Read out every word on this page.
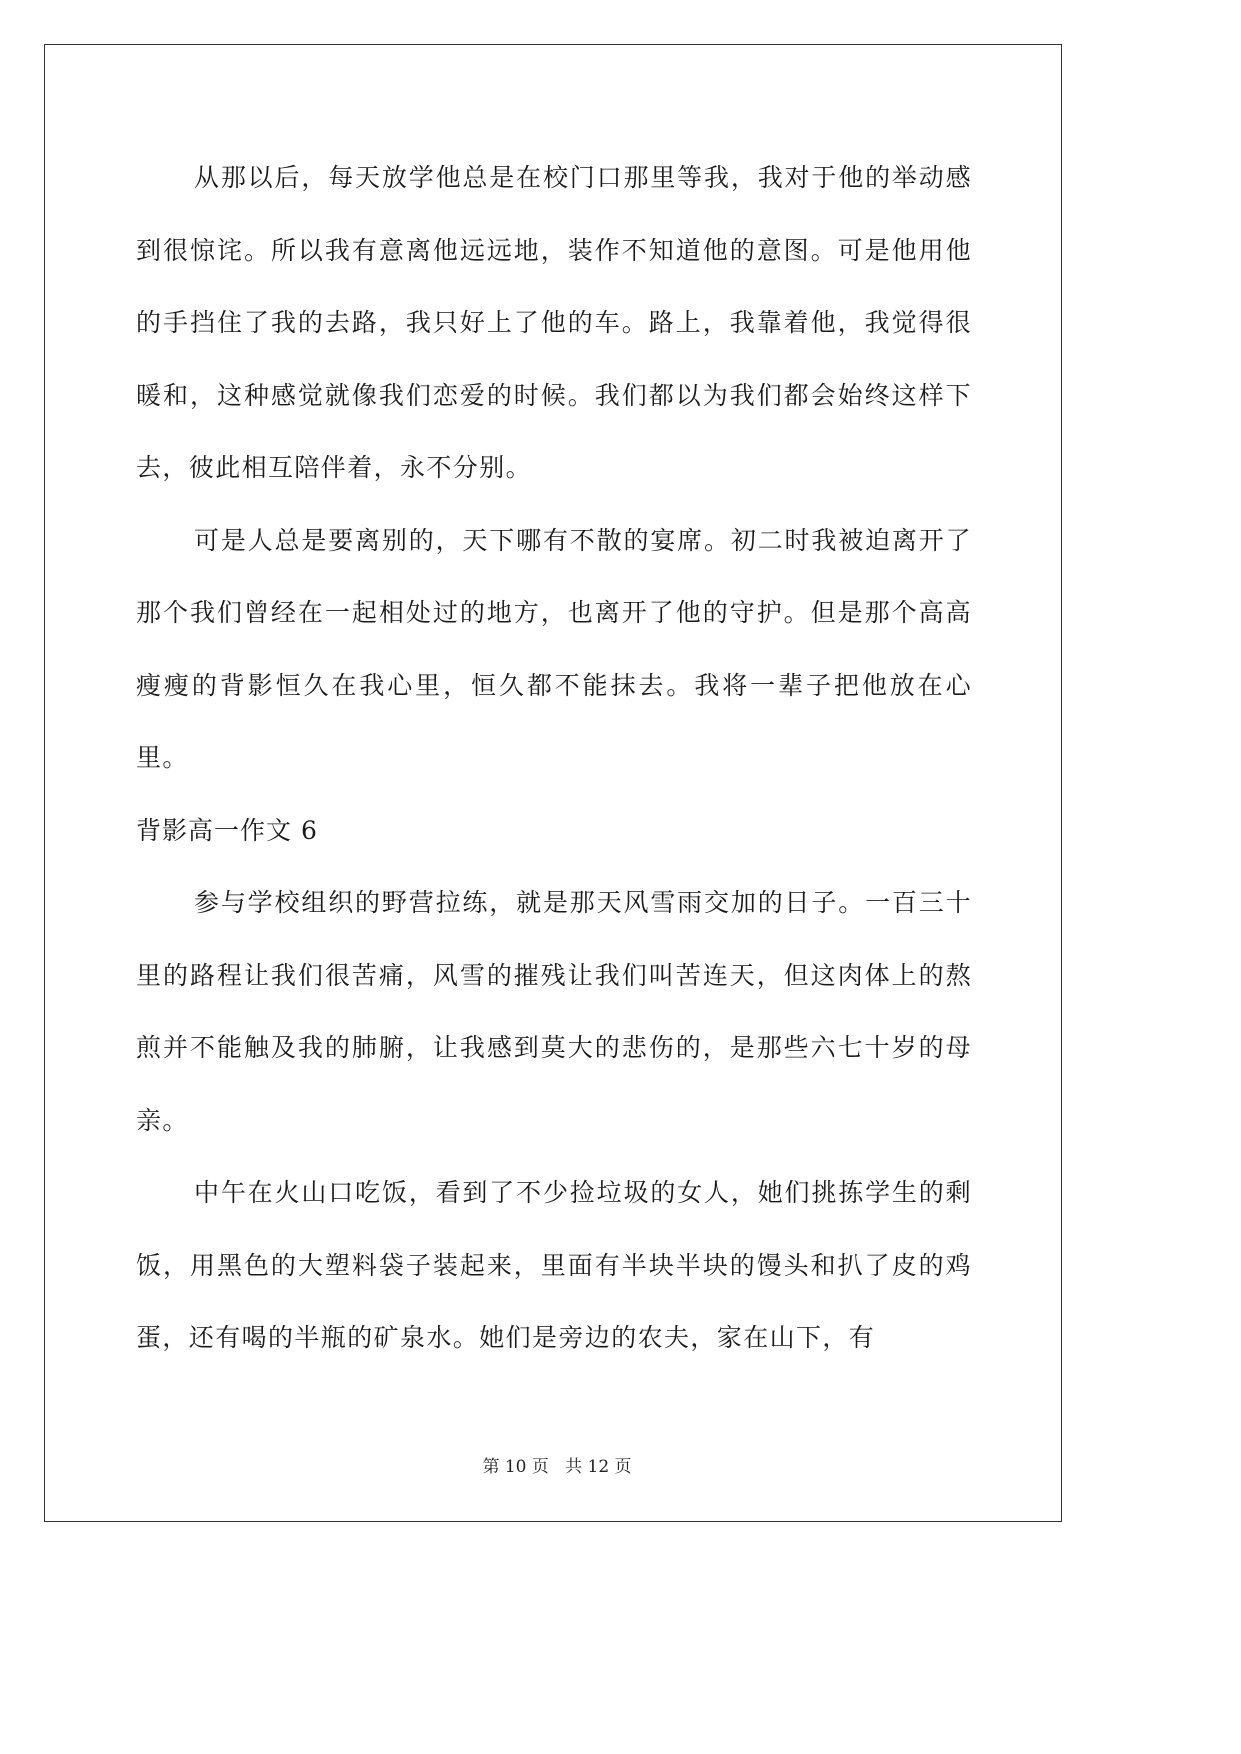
从那以后，每天放学他总是在校门口那里等我，我对于他的举动感到很惊诧。所以我有意离他远远地，装作不知道他的意图。可是他用他的手挡住了我的去路，我只好上了他的车。路上，我靠着他，我觉得很暖和，这种感觉就像我们恋爱的时候。我们都以为我们都会始终这样下去，彼此相互陪伴着，永不分别。

可是人总是要离别的，天下哪有不散的宴席。初二时我被迫离开了那个我们曾经在一起相处过的地方，也离开了他的守护。但是那个高高瘦瘦的背影恒久在我心里，恒久都不能抹去。我将一辈子把他放在心里。

背影高一作文 6

参与学校组织的野营拉练，就是那天风雪雨交加的日子。一百三十里的路程让我们很苦痛，风雪的摧残让我们叫苦连天，但这肉体上的熬煎并不能触及我的肺腑，让我感到莫大的悲伤的，是那些六七十岁的母亲。

中午在火山口吃饭，看到了不少捡垃圾的女人，她们挑拣学生的剩饭，用黑色的大塑料袋子装起来，里面有半块半块的馒头和扒了皮的鸡蛋，还有喝的半瓶的矿泉水。她们是旁边的农夫，家在山下，有

第 10 页 共 12 页
